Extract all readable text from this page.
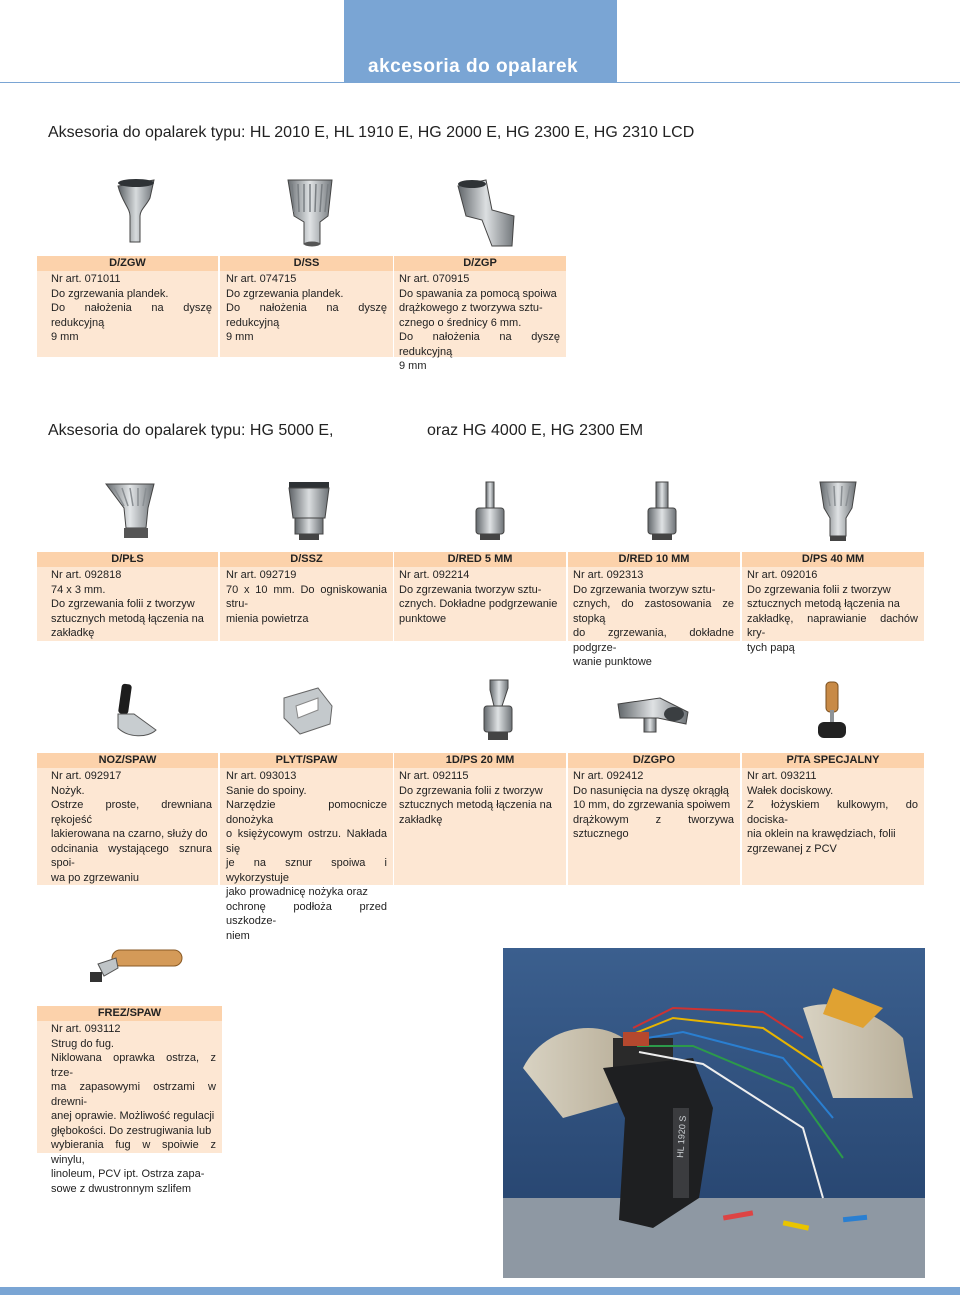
akcesoria do opalarek
Aksesoria do opalarek typu: HL 2010 E, HL 1910 E, HG 2000 E, HG 2300 E, HG 2310 LCD
Aksesoria do opalarek typu: HG 5000 E,	oraz HG 4000 E, HG 2300 EM
D/ZGW
Nr art. 071011
Do zgrzewania plandek.
Do nałożenia na dyszę redukcyjną
9 mm
D/SS
Nr art. 074715
Do zgrzewania plandek.
Do nałożenia na dyszę redukcyjną
9 mm
D/ZGP
Nr art. 070915
Do spawania za pomocą spoiwa
drążkowego z tworzywa sztu-
cznego o średnicy 6 mm.
Do nałożenia na dyszę redukcyjną
9 mm
D/PŁS
Nr art. 092818
74 x 3 mm.
Do zgrzewania folii z tworzyw
sztucznych metodą łączenia na
zakładkę
D/SSZ
Nr art. 092719
70 x 10 mm. Do ogniskowania stru-
mienia powietrza
D/RED 5 MM
Nr art. 092214
Do zgrzewania tworzyw sztu-
cznych. Dokładne podgrzewanie
punktowe
D/RED 10 MM
Nr art. 092313
Do zgrzewania tworzyw sztu-
cznych, do zastosowania ze stopką
do zgrzewania, dokładne podgrze-
wanie punktowe
D/PS 40 MM
Nr art. 092016
Do zgrzewania folii z tworzyw
sztucznych metodą łączenia na
zakładkę, naprawianie dachów kry-
tych papą
NOZ/SPAW
Nr art. 092917
Nożyk.
Ostrze proste, drewniana rękojeść
lakierowana na czarno, służy do
odcinania wystającego sznura spoi-
wa po zgrzewaniu
PLYT/SPAW
Nr art. 093013
Sanie do spoiny.
Narzędzie pomocnicze donożyka
o księżycowym ostrzu. Nakłada się
je na sznur spoiwa i wykorzystuje
jako prowadnicę nożyka oraz
ochronę podłoża przed uszkodze-
niem
1D/PS 20 MM
Nr art. 092115
Do zgrzewania folii z tworzyw
sztucznych metodą łączenia na
zakładkę
D/ZGPO
Nr art. 092412
Do nasunięcia na dyszę okrągłą
10 mm, do zgrzewania spoiwem
drążkowym z tworzywa sztucznego
P/TA SPECJALNY
Nr art. 093211
Wałek dociskowy.
Z łożyskiem kulkowym, do dociska-
nia oklein na krawędziach, folii
zgrzewanej z PCV
FREZ/SPAW
Nr art. 093112
Strug do fug.
Niklowana oprawka ostrza, z trze-
ma zapasowymi ostrzami w drewni-
anej oprawie. Możliwość regulacji
głębokości. Do zestrugiwania lub
wybierania fug w spoiwie z winylu,
linoleum, PCV ipt. Ostrza zapa-
sowe z dwustronnym szlifem
HL 1920 S
